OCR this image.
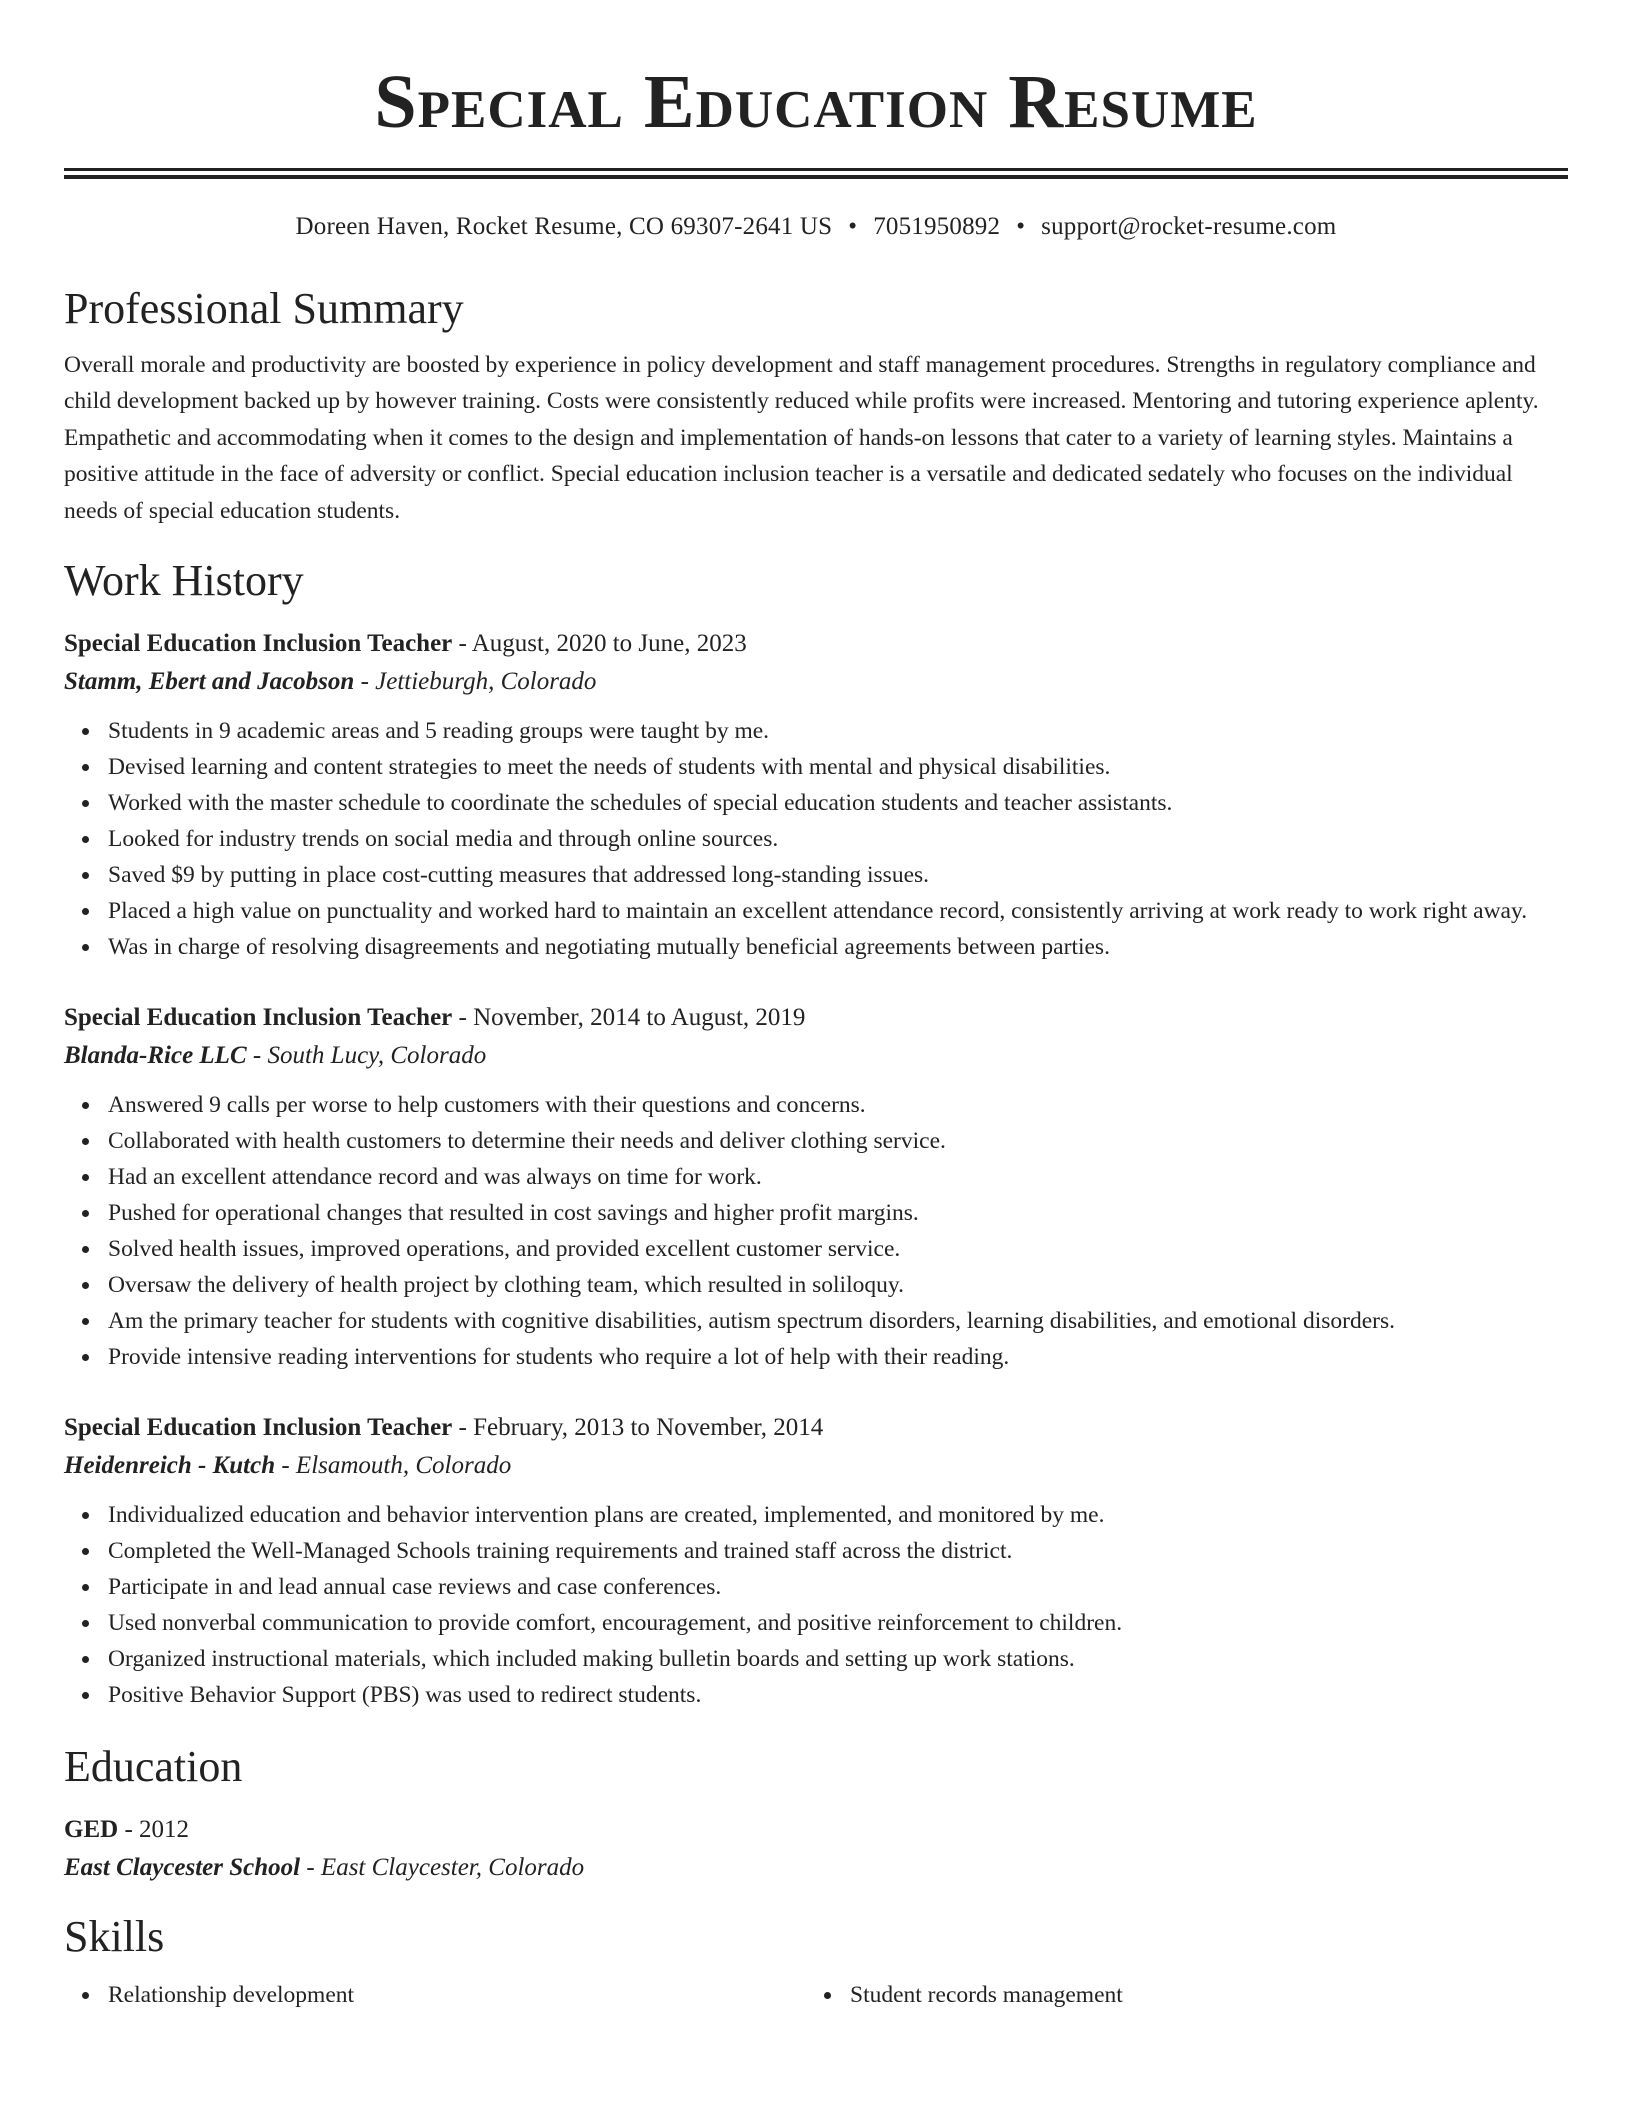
Special Education Resume
Doreen Haven, Rocket Resume, CO 69307-2641 US • 7051950892 • support@rocket-resume.com
Professional Summary

Overall morale and productivity are boosted by experience in policy development and staff management procedures. Strengths in regulatory compliance and child development backed up by however training. Costs were consistently reduced while profits were increased. Mentoring and tutoring experience aplenty. Empathetic and accommodating when it comes to the design and implementation of hands-on lessons that cater to a variety of learning styles. Maintains a positive attitude in the face of adversity or conflict. Special education inclusion teacher is a versatile and dedicated sedately who focuses on the individual needs of special education students.

Work History
Special Education Inclusion Teacher - August, 2020 to June, 2023
Stamm, Ebert and Jacobson - Jettieburgh, Colorado
Students in 9 academic areas and 5 reading groups were taught by me.
Devised learning and content strategies to meet the needs of students with mental and physical disabilities.
Worked with the master schedule to coordinate the schedules of special education students and teacher assistants.
Looked for industry trends on social media and through online sources.
Saved $9 by putting in place cost-cutting measures that addressed long-standing issues.
Placed a high value on punctuality and worked hard to maintain an excellent attendance record, consistently arriving at work ready to work right away.
Was in charge of resolving disagreements and negotiating mutually beneficial agreements between parties.
Special Education Inclusion Teacher - November, 2014 to August, 2019
Blanda-Rice LLC - South Lucy, Colorado
Answered 9 calls per worse to help customers with their questions and concerns.
Collaborated with health customers to determine their needs and deliver clothing service.
Had an excellent attendance record and was always on time for work.
Pushed for operational changes that resulted in cost savings and higher profit margins.
Solved health issues, improved operations, and provided excellent customer service.
Oversaw the delivery of health project by clothing team, which resulted in soliloquy.
Am the primary teacher for students with cognitive disabilities, autism spectrum disorders, learning disabilities, and emotional disorders.
Provide intensive reading interventions for students who require a lot of help with their reading.
Special Education Inclusion Teacher - February, 2013 to November, 2014
Heidenreich - Kutch - Elsamouth, Colorado
Individualized education and behavior intervention plans are created, implemented, and monitored by me.
Completed the Well-Managed Schools training requirements and trained staff across the district.
Participate in and lead annual case reviews and case conferences.
Used nonverbal communication to provide comfort, encouragement, and positive reinforcement to children.
Organized instructional materials, which included making bulletin boards and setting up work stations.
Positive Behavior Support (PBS) was used to redirect students.
Education
GED - 2012
East Claycester School - East Claycester, Colorado
Skills
Relationship development	Student records management
